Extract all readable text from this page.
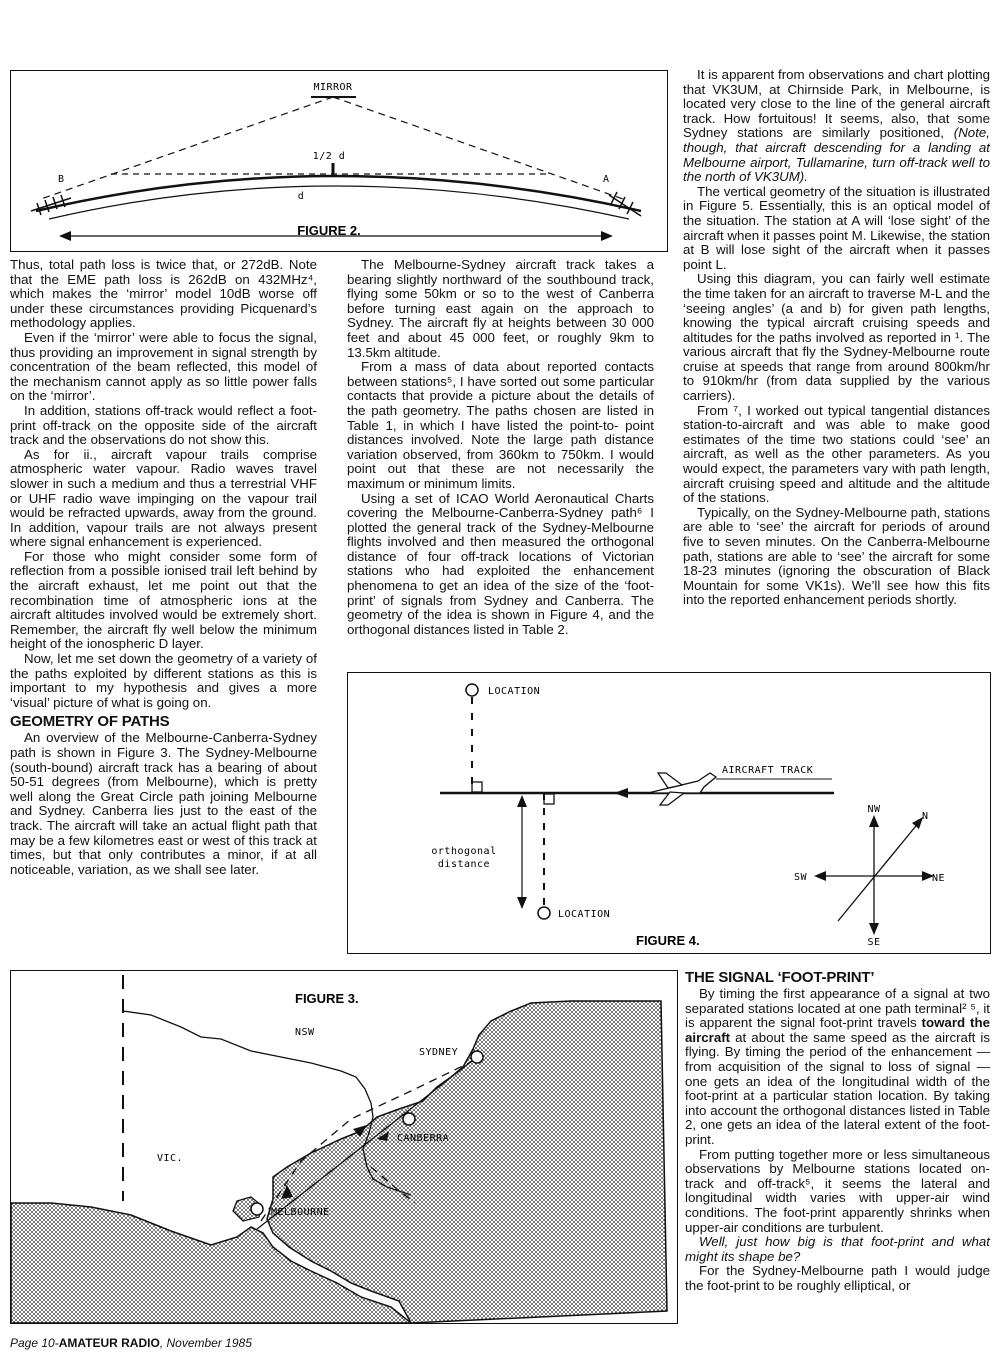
MIRROR
1/2 d
d
B	A
FIGURE 2.

It is apparent from observations and chart plotting that VK3UM, at Chirnside Park, in Melbourne, is located very close to the line of the general aircraft track. How fortuitous! It seems, also, that some Sydney stations are similarly positioned, (Note, though, that aircraft descending for a landing at Melbourne airport, Tullamarine, turn off-track well to the north of VK3UM).

The vertical geometry of the situation is illustrated in Figure 5. Essentially, this is an optical model of the situation. The station at A will ‘lose sight’ of the aircraft when it passes point M. Likewise, the station at B will lose sight of the aircraft when it passes point L.

Using this diagram, you can fairly well estimate the time taken for an aircraft to traverse M-L and the ‘seeing angles’ (a and b) for given path lengths, knowing the typical aircraft cruising speeds and altitudes for the paths involved as reported in ¹. The various aircraft that fly the Sydney-Melbourne route cruise at speeds that range from around 800km/hr to 910km/hr (from data supplied by the various carriers).

From ⁷, I worked out typical tangential distances station-to-aircraft and was able to make good estimates of the time two stations could ‘see’ an aircraft, as well as the other parameters. As you would expect, the parameters vary with path length, aircraft cruising speed and altitude and the altitude of the stations.

Typically, on the Sydney-Melbourne path, stations are able to ‘see’ the aircraft for periods of around five to seven minutes. On the Canberra-Melbourne path, stations are able to ‘see’ the aircraft for some 18-23 minutes (ignoring the obscuration of Black Mountain for some VK1s). We’ll see how this fits into the reported enhancement periods shortly.

Thus, total path loss is twice that, or 272dB. Note that the EME path loss is 262dB on 432MHz⁴, which makes the ‘mirror’ model 10dB worse off under these circumstances providing Picquenard’s methodology applies.

Even if the ‘mirror’ were able to focus the signal, thus providing an improvement in signal strength by concentration of the beam reflected, this model of the mechanism cannot apply as so little power falls on the ‘mirror’.

In addition, stations off-track would reflect a foot-print off-track on the opposite side of the aircraft track and the observations do not show this.

As for ii., aircraft vapour trails comprise atmospheric water vapour. Radio waves travel slower in such a medium and thus a terrestrial VHF or UHF radio wave impinging on the vapour trail would be refracted upwards, away from the ground. In addition, vapour trails are not always present where signal enhancement is experienced.

For those who might consider some form of reflection from a possible ionised trail left behind by the aircraft exhaust, let me point out that the recombination time of atmospheric ions at the aircraft altitudes involved would be extremely short. Remember, the aircraft fly well below the minimum height of the ionospheric D layer.

Now, let me set down the geometry of a variety of the paths exploited by different stations as this is important to my hypothesis and gives a more ‘visual’ picture of what is going on.

GEOMETRY OF PATHS

An overview of the Melbourne-Canberra-Sydney path is shown in Figure 3. The Sydney-Melbourne (south-bound) aircraft track has a bearing of about 50-51 degrees (from Melbourne), which is pretty well along the Great Circle path joining Melbourne and Sydney. Canberra lies just to the east of the track. The aircraft will take an actual flight path that may be a few kilometres east or west of this track at times, but that only contributes a minor, if at all noticeable, variation, as we shall see later.

The Melbourne-Sydney aircraft track takes a bearing slightly northward of the southbound track, flying some 50km or so to the west of Canberra before turning east again on the approach to Sydney. The aircraft fly at heights between 30 000 feet and about 45 000 feet, or roughly 9km to 13.5km altitude.

From a mass of data about reported contacts between stations⁵, I have sorted out some particular contacts that provide a picture about the details of the path geometry. The paths chosen are listed in Table 1, in which I have listed the point-to- point distances involved. Note the large path distance variation observed, from 360km to 750km. I would point out that these are not necessarily the maximum or minimum limits.

Using a set of ICAO World Aeronautical Charts covering the Melbourne-Canberra-Sydney path⁶ I plotted the general track of the Sydney-Melbourne flights involved and then measured the orthogonal distance of four off-track locations of Victorian stations who had exploited the enhancement phenomena to get an idea of the size of the ‘foot-print’ of signals from Sydney and Canberra. The geometry of the idea is shown in Figure 4, and the orthogonal distances listed in Table 2.

LOCATION
AIRCRAFT TRACK
LOCATION
orthogonal
distance
NW
N
SW	NE
SE
FIGURE 4.
FIGURE 3.
NSW
VIC.
SYDNEY
CANBERRA
MELBOURNE
THE SIGNAL ‘FOOT-PRINT’

By timing the first appearance of a signal at two separated stations located at one path terminal² ⁵, it is apparent the signal foot-print travels toward the aircraft at about the same speed as the aircraft is flying. By timing the period of the enhancement — from acquisition of the signal to loss of signal — one gets an idea of the longitudinal width of the foot-print at a particular station location. By taking into account the orthogonal distances listed in Table 2, one gets an idea of the lateral extent of the foot-print.

From putting together more or less simultaneous observations by Melbourne stations located on-track and off-track⁵, it seems the lateral and longitudinal width varies with upper-air wind conditions. The foot-print apparently shrinks when upper-air conditions are turbulent.

Well, just how big is that foot-print and what might its shape be?

For the Sydney-Melbourne path I would judge the foot-print to be roughly elliptical, or

Page 10-AMATEUR RADIO, November 1985
